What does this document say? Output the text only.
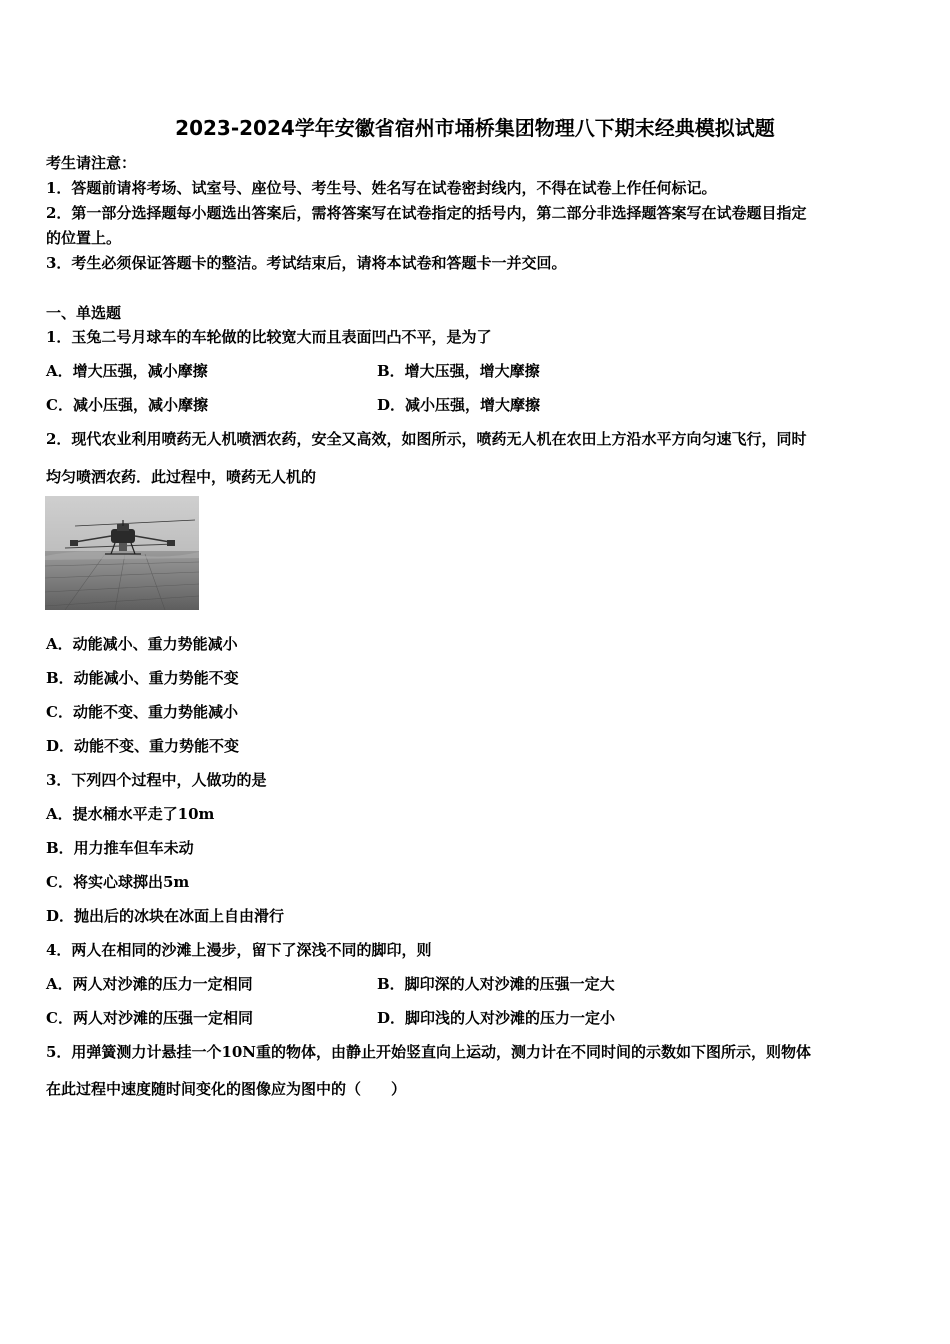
2023-2024学年安徽省宿州市埇桥集团物理八下期末经典模拟试题
考生请注意：
1．答题前请将考场、试室号、座位号、考生号、姓名写在试卷密封线内，不得在试卷上作任何标记。
2．第一部分选择题每小题选出答案后，需将答案写在试卷指定的括号内，第二部分非选择题答案写在试卷题目指定
的位置上。
3．考生必须保证答题卡的整洁。考试结束后，请将本试卷和答题卡一并交回。
一、单选题
1．玉兔二号月球车的车轮做的比较宽大而且表面凹凸不平，是为了
A．增大压强，减小摩擦	B．增大压强，增大摩擦
C．减小压强，减小摩擦	D．减小压强，增大摩擦
2．现代农业利用喷药无人机喷洒农药，安全又高效，如图所示，喷药无人机在农田上方沿水平方向匀速飞行，同时
均匀喷洒农药．此过程中，喷药无人机的
A．动能减小、重力势能减小
B．动能减小、重力势能不变
C．动能不变、重力势能减小
D．动能不变、重力势能不变
3．下列四个过程中，人做功的是
A．提水桶水平走了10m
B．用力推车但车未动
C．将实心球掷出5m
D．抛出后的冰块在冰面上自由滑行
4．两人在相同的沙滩上漫步，留下了深浅不同的脚印，则
A．两人对沙滩的压力一定相同	B．脚印深的人对沙滩的压强一定大
C．两人对沙滩的压强一定相同	D．脚印浅的人对沙滩的压力一定小
5．用弹簧测力计悬挂一个10N重的物体，由静止开始竖直向上运动，测力计在不同时间的示数如下图所示，则物体
在此过程中速度随时间变化的图像应为图中的（　　）
